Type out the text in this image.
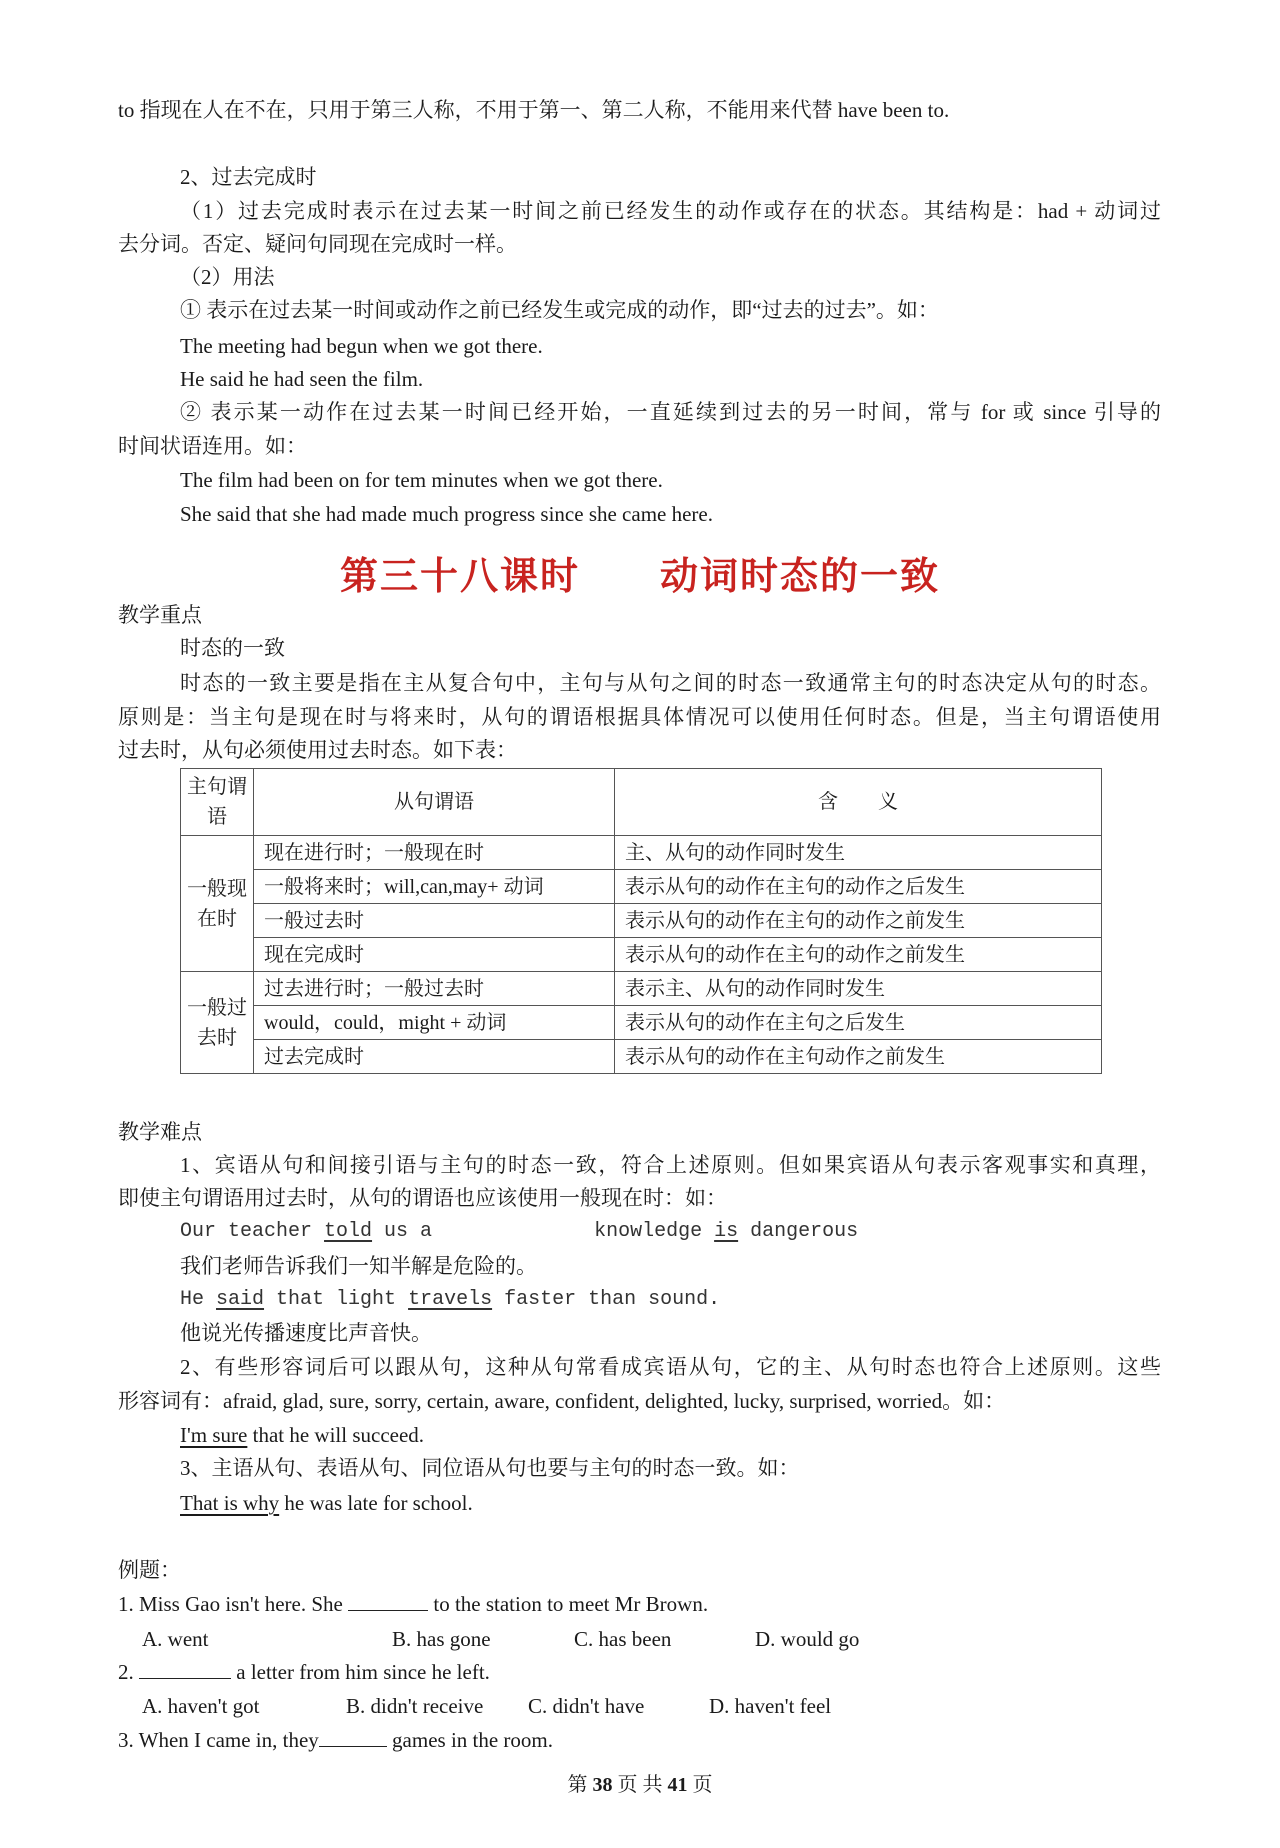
to 指现在人在不在，只用于第三人称，不用于第一、第二人称，不能用来代替 have been to.
2、过去完成时
（1）过去完成时表示在过去某一时间之前已经发生的动作或存在的状态。其结构是：had + 动词过
去分词。否定、疑问句同现在完成时一样。
（2）用法
① 表示在过去某一时间或动作之前已经发生或完成的动作，即“过去的过去”。如：
The meeting had begun when we got there.
He said he had seen the film.
② 表示某一动作在过去某一时间已经开始，一直延续到过去的另一时间，常与 for 或 since 引导的
时间状语连用。如：
The film had been on for tem minutes when we got there.
She said that she had made much progress since she came here.
第三十八课时 动词时态的一致
教学重点
时态的一致
时态的一致主要是指在主从复合句中，主句与从句之间的时态一致通常主句的时态决定从句的时态。
原则是：当主句是现在时与将来时，从句的谓语根据具体情况可以使用任何时态。但是，当主句谓语使用
过去时，从句必须使用过去时态。如下表：
主句谓语	从句谓语	含　　义
一般现在时	现在进行时；一般现在时	主、从句的动作同时发生
	一般将来时；will,can,may+ 动词	表示从句的动作在主句的动作之后发生
	一般过去时	表示从句的动作在主句的动作之前发生
	现在完成时	表示从句的动作在主句的动作之前发生
一般过去时	过去进行时；一般过去时	表示主、从句的动作同时发生
	would，could，might + 动词	表示从句的动作在主句之后发生
	过去完成时	表示从句的动作在主句动作之前发生
教学难点
1、宾语从句和间接引语与主句的时态一致，符合上述原则。但如果宾语从句表示客观事实和真理，
即使主句谓语用过去时，从句的谓语也应该使用一般现在时：如：
Our teacher told us a	knowledge is dangerous
我们老师告诉我们一知半解是危险的。
He said that light travels faster than sound.
他说光传播速度比声音快。
2、有些形容词后可以跟从句，这种从句常看成宾语从句，它的主、从句时态也符合上述原则。这些
形容词有：afraid, glad, sure, sorry, certain, aware, confident, delighted, lucky, surprised, worried。如：
I'm sure that he will succeed.
3、主语从句、表语从句、同位语从句也要与主句的时态一致。如：
That is why he was late for school.
例题：
1. Miss Gao isn't here. She	to the station to meet Mr Brown.
A. went	B. has gone	C. has been	D. would go
2.	a letter from him since he left.
A. haven't got	B. didn't receive C. didn't have	D. haven't feel
3. When I came in, they	games in the room.
第 38 页 共 41 页
